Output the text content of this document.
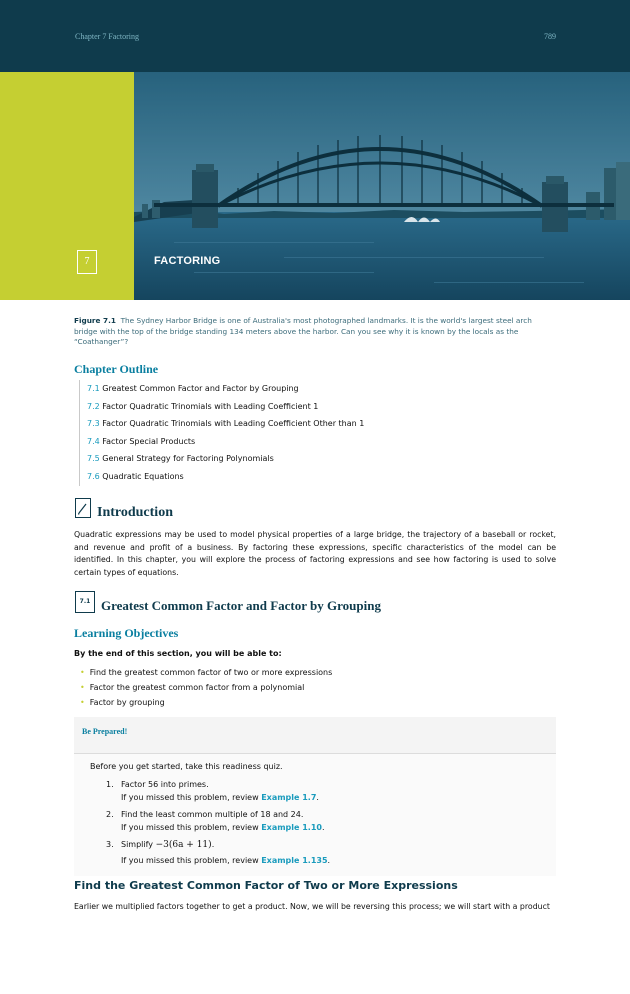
Chapter 7 Factoring	789
7	FACTORING
Figure 7.1 The Sydney Harbor Bridge is one of Australia's most photographed landmarks. It is the world's largest steel arch bridge with the top of the bridge standing 134 meters above the harbor. Can you see why it is known by the locals as the “Coathanger”?
Chapter Outline
7.1 Greatest Common Factor and Factor by Grouping
7.2 Factor Quadratic Trinomials with Leading Coefficient 1
7.3 Factor Quadratic Trinomials with Leading Coefficient Other than 1
7.4 Factor Special Products
7.5 General Strategy for Factoring Polynomials
7.6 Quadratic Equations
Introduction
Quadratic expressions may be used to model physical properties of a large bridge, the trajectory of a baseball or rocket, and revenue and profit of a business. By factoring these expressions, specific characteristics of the model can be identified. In this chapter, you will explore the process of factoring expressions and see how factoring is used to solve certain types of equations.
7.1 Greatest Common Factor and Factor by Grouping
Learning Objectives
By the end of this section, you will be able to:
• Find the greatest common factor of two or more expressions
• Factor the greatest common factor from a polynomial
• Factor by grouping
Be Prepared!
Before you get started, take this readiness quiz.
1. Factor 56 into primes.
If you missed this problem, review Example 1.7.
2. Find the least common multiple of 18 and 24.
If you missed this problem, review Example 1.10.
3. Simplify −3(6a + 11).
If you missed this problem, review Example 1.135.
Find the Greatest Common Factor of Two or More Expressions
Earlier we multiplied factors together to get a product. Now, we will be reversing this process; we will start with a product
